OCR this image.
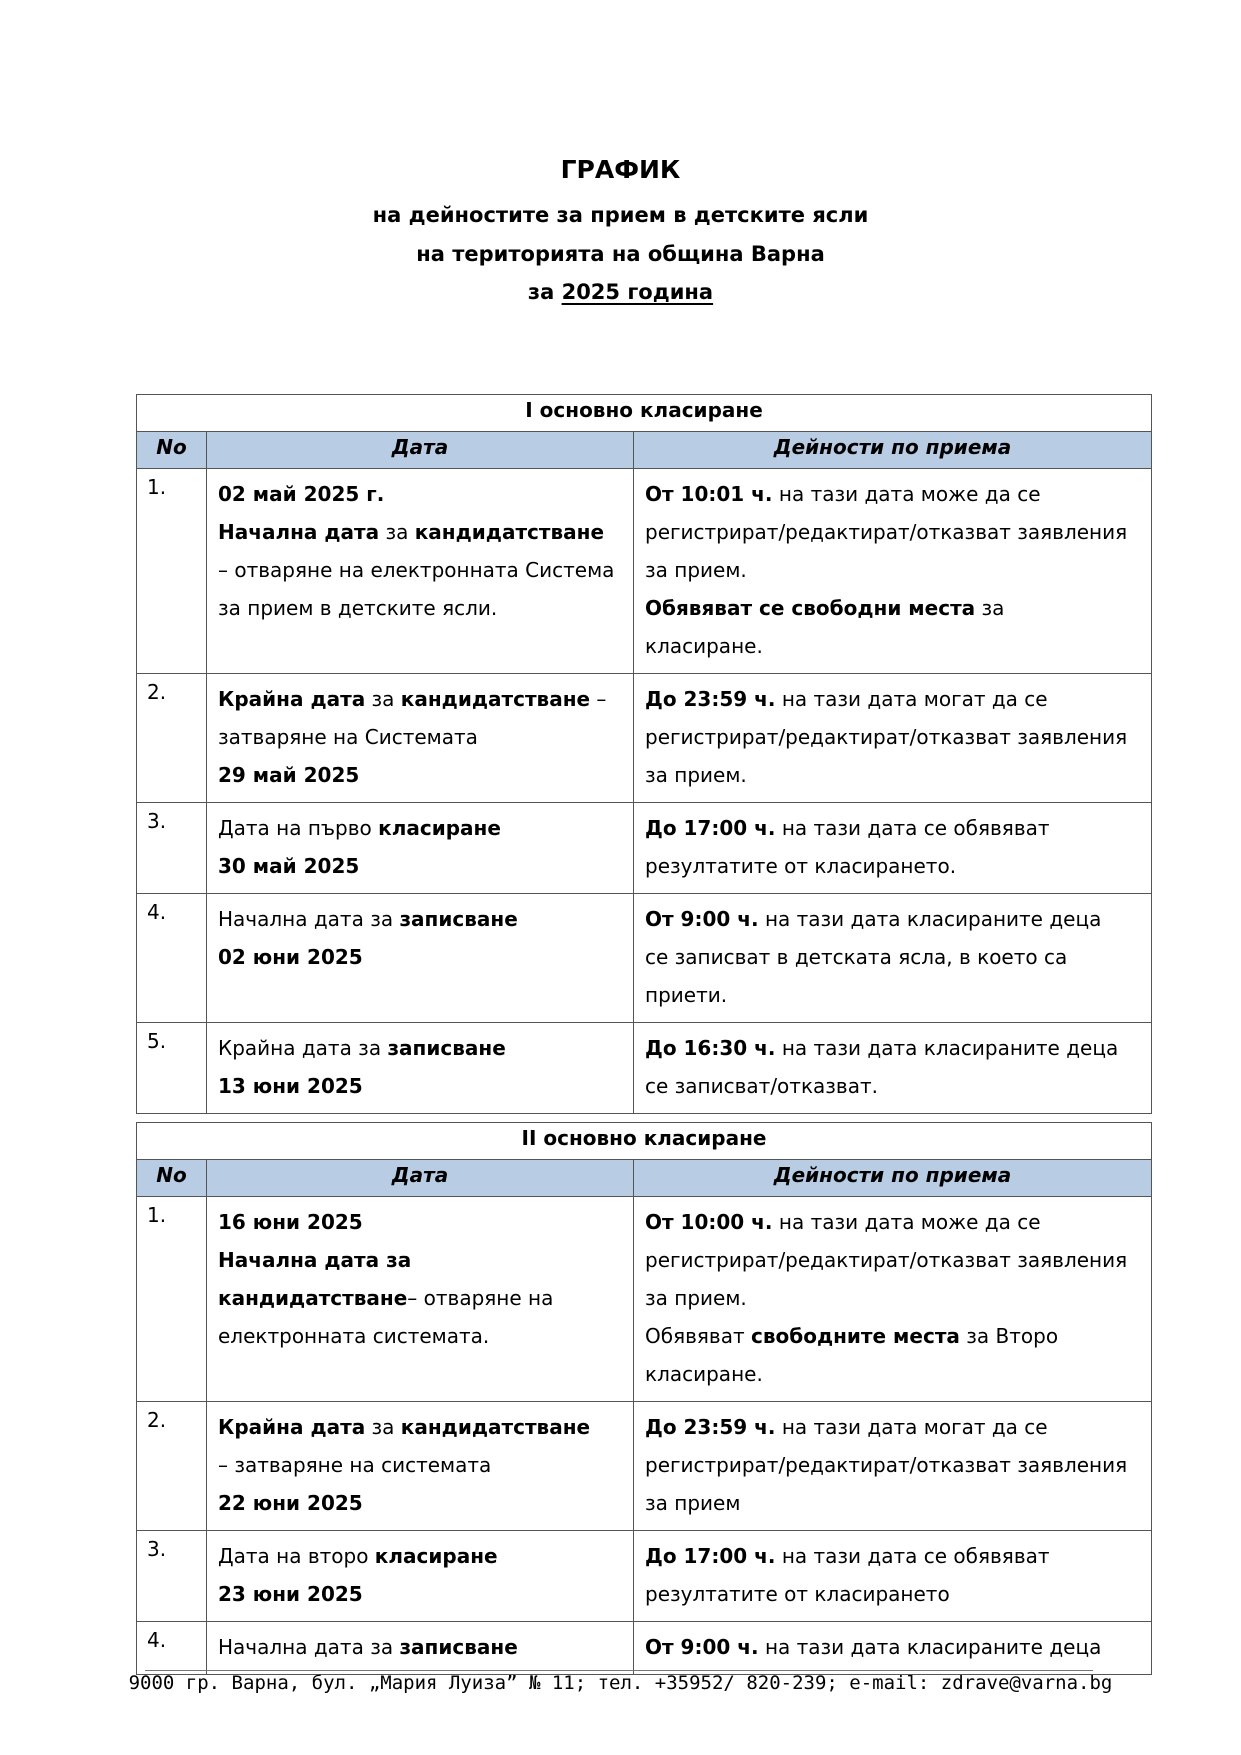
ГРАФИК
на дейностите за прием в детските ясли
на територията на община Варна
за 2025 година
I основно класиране		
No	Дата	Дейности по приема
1.	02 май 2025 г.
Начална дата за кандидатстване
– отваряне на електронната Система
за прием в детските ясли.	От 10:01 ч. на тази дата може да се
регистрират/редактират/отказват заявления
за прием.
Обявяват се свободни места за
класиране.

2.	Крайна дата за кандидатстване –
затваряне на Системата
29 май 2025	До 23:59 ч. на тази дата могат да се
регистрират/редактират/отказват заявления
за прием.

3.	Дата на първо класиране
30 май 2025	До 17:00 ч. на тази дата се обявяват
резултатите от класирането.

4.	Начална дата за записване
02 юни 2025	От 9:00 ч. на тази дата класираните деца
се записват в детската ясла, в което са
приети.

5.	Крайна дата за записване
13 юни 2025	До 16:30 ч. на тази дата класираните деца
се записват/отказват.
II основно класиране		
No	Дата	Дейности по приема
1.	16 юни 2025
Начална дата за
кандидатстване– отваряне на
електронната системата.	От 10:00 ч. на тази дата може да се
регистрират/редактират/отказват заявления
за прием.
Обявяват свободните места за Второ
класиране.

2.	Крайна дата за кандидатстване
– затваряне на системата
22 юни 2025	До 23:59 ч. на тази дата могат да се
регистрират/редактират/отказват заявления
за прием

3.	Дата на второ класиране
23 юни 2025	До 17:00 ч. на тази дата се обявяват
резултатите от класирането

4.	Начална дата за записване	От 9:00 ч. на тази дата класираните деца
9000 гр. Варна, бул. „Мария Луиза” № 11; тел. +35952/ 820-239; e-mail: zdrave@varna.bg
